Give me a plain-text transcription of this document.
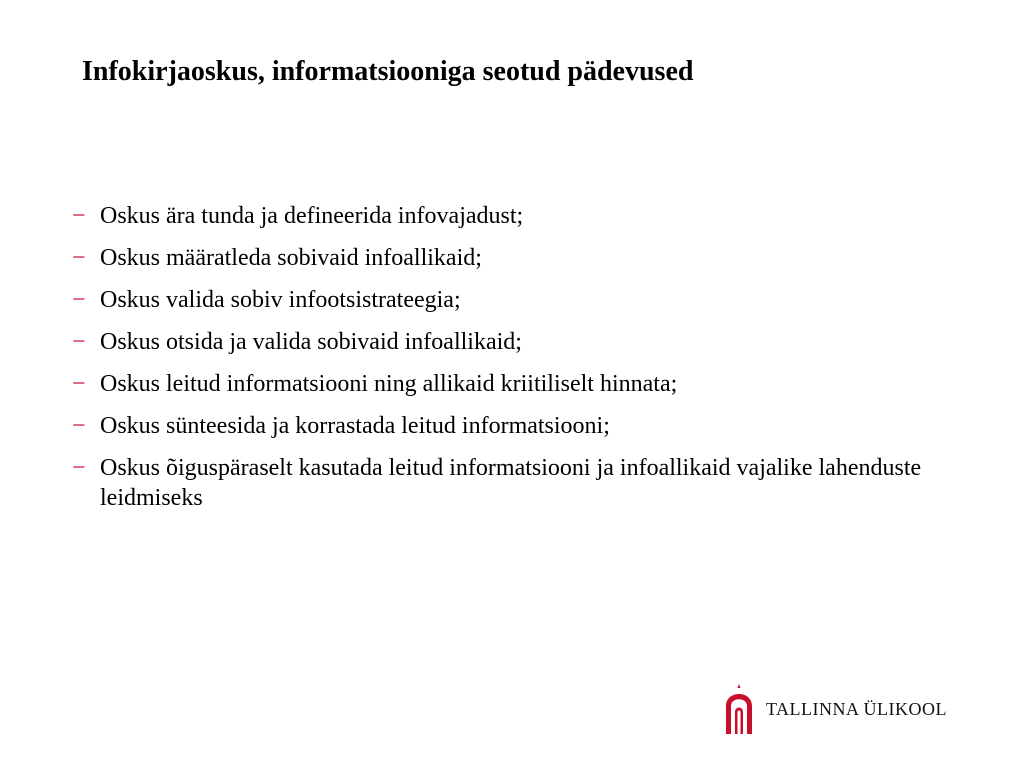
Infokirjaoskus, informatsiooniga seotud pädevused
− Oskus ära tunda ja defineerida infovajadust;
− Oskus määratleda sobivaid infoallikaid;
− Oskus valida sobiv infootsistrateegia;
− Oskus otsida ja valida sobivaid infoallikaid;
− Oskus leitud informatsiooni ning allikaid kriitiliselt hinnata;
− Oskus sünteesida ja korrastada leitud informatsiooni;
− Oskus õiguspäraselt kasutada leitud informatsiooni ja infoallikaid vajalike lahenduste leidmiseks
TALLINNA ÜLIKOOL
